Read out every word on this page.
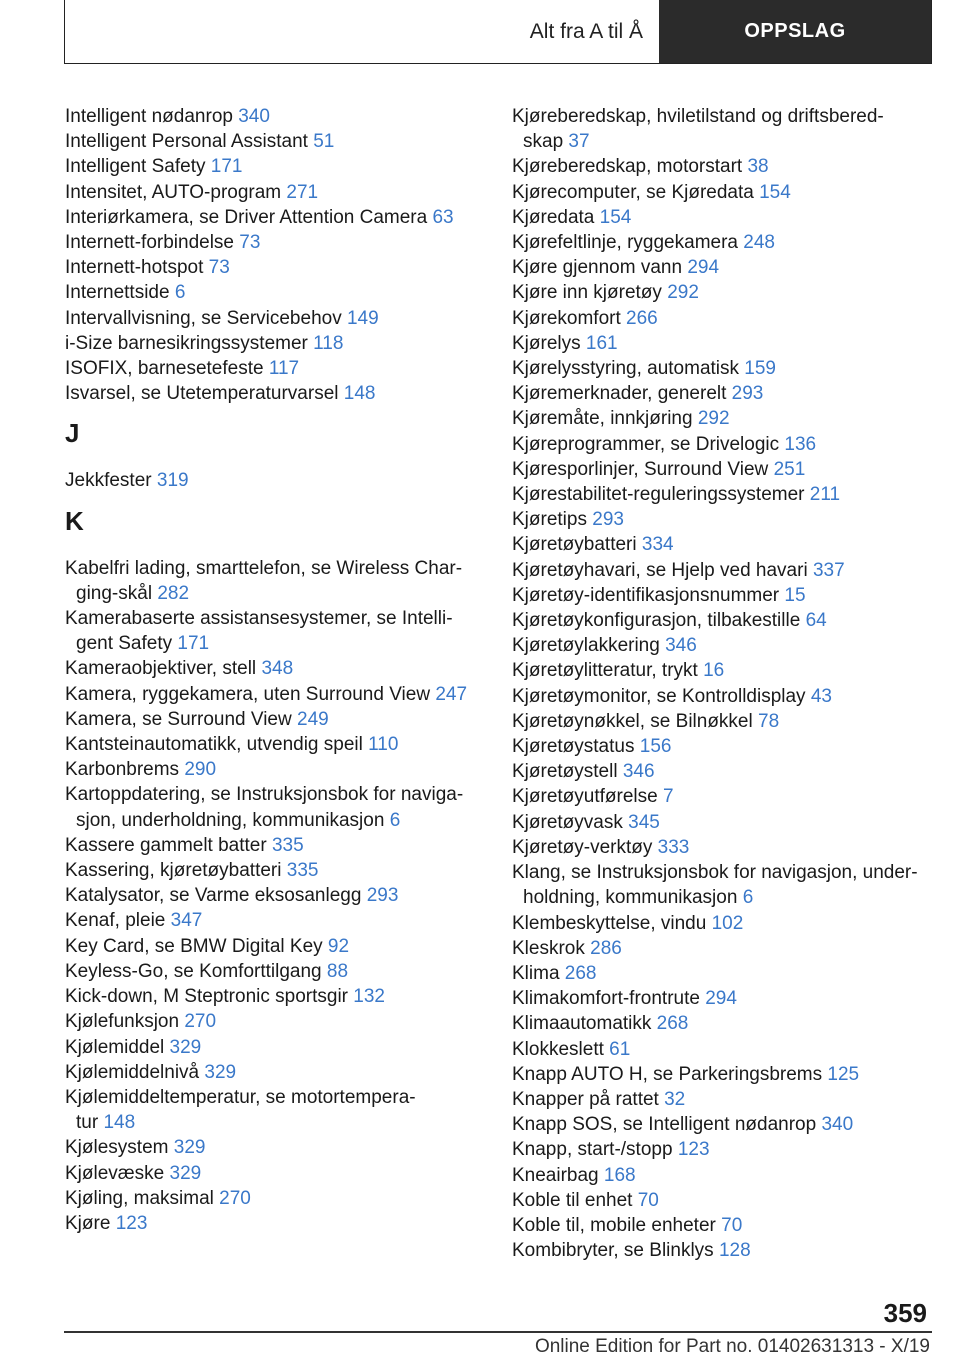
Alt fra A til Å	OPPSLAG
Intelligent nødanrop 340
Intelligent Personal Assistant 51
Intelligent Safety 171
Intensitet, AUTO-program 271
Interiørkamera, se Driver Attention Camera 63
Internett-forbindelse 73
Internett-hotspot 73
Internettside 6
Intervallvisning, se Servicebehov 149
i-Size barnesikringssystemer 118
ISOFIX, barnesetefeste 117
Isvarsel, se Utetemperaturvarsel 148
J
Jekkfester 319
K
Kabelfri lading, smarttelefon, se Wireless Char-
ging-skål 282
Kamerabaserte assistansesystemer, se Intelli-
gent Safety 171
Kameraobjektiver, stell 348
Kamera, ryggekamera, uten Surround View 247
Kamera, se Surround View 249
Kantsteinautomatikk, utvendig speil 110
Karbonbrems 290
Kartoppdatering, se Instruksjonsbok for naviga-
sjon, underholdning, kommunikasjon 6
Kassere gammelt batter 335
Kassering, kjøretøybatteri 335
Katalysator, se Varme eksosanlegg 293
Kenaf, pleie 347
Key Card, se BMW Digital Key 92
Keyless-Go, se Komforttilgang 88
Kick-down, M Steptronic sportsgir 132
Kjølefunksjon 270
Kjølemiddel 329
Kjølemiddelnivå 329
Kjølemiddeltemperatur, se motortempera-
tur 148
Kjølesystem 329
Kjølevæske 329
Kjøling, maksimal 270
Kjøre 123
Kjøreberedskap, hviletilstand og driftsbered-
skap 37
Kjøreberedskap, motorstart 38
Kjørecomputer, se Kjøredata 154
Kjøredata 154
Kjørefeltlinje, ryggekamera 248
Kjøre gjennom vann 294
Kjøre inn kjøretøy 292
Kjørekomfort 266
Kjørelys 161
Kjørelysstyring, automatisk 159
Kjøremerknader, generelt 293
Kjøremåte, innkjøring 292
Kjøreprogrammer, se Drivelogic 136
Kjøresporlinjer, Surround View 251
Kjørestabilitet-reguleringssystemer 211
Kjøretips 293
Kjøretøybatteri 334
Kjøretøyhavari, se Hjelp ved havari 337
Kjøretøy-identifikasjonsnummer 15
Kjøretøykonfigurasjon, tilbakestille 64
Kjøretøylakkering 346
Kjøretøylitteratur, trykt 16
Kjøretøymonitor, se Kontrolldisplay 43
Kjøretøynøkkel, se Bilnøkkel 78
Kjøretøystatus 156
Kjøretøystell 346
Kjøretøyutførelse 7
Kjøretøyvask 345
Kjøretøy-verktøy 333
Klang, se Instruksjonsbok for navigasjon, under-
holdning, kommunikasjon 6
Klembeskyttelse, vindu 102
Kleskrok 286
Klima 268
Klimakomfort-frontrute 294
Klimaautomatikk 268
Klokkeslett 61
Knapp AUTO H, se Parkeringsbrems 125
Knapper på rattet 32
Knapp SOS, se Intelligent nødanrop 340
Knapp, start-/stopp 123
Kneairbag 168
Koble til enhet 70
Koble til, mobile enheter 70
Kombibryter, se Blinklys 128
359
Online Edition for Part no. 01402631313 - X/19
